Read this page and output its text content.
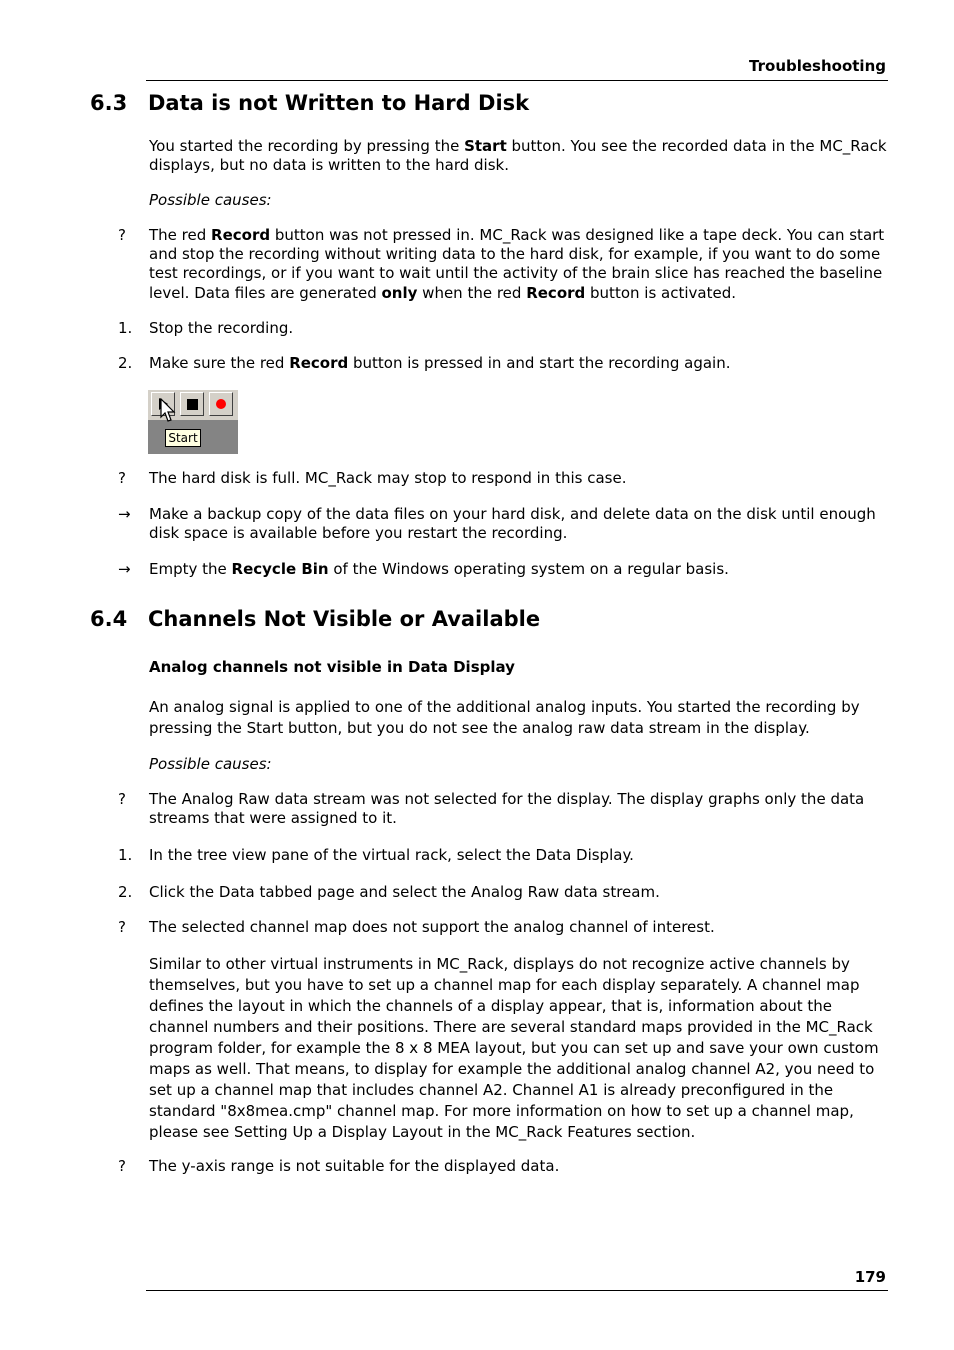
Troubleshooting
6.3 Data is not Written to Hard Disk
You started the recording by pressing the Start button. You see the recorded data in the MC_Rack displays, but no data is written to the hard disk.
Possible causes:
? The red Record button was not pressed in. MC_Rack was designed like a tape deck. You can start and stop the recording without writing data to the hard disk, for example, if you want to do some test recordings, or if you want to wait until the activity of the brain slice has reached the baseline level. Data files are generated only when the red Record button is activated.
1. Stop the recording.
2. Make sure the red Record button is pressed in and start the recording again.
Start
? The hard disk is full. MC_Rack may stop to respond in this case.
→ Make a backup copy of the data files on your hard disk, and delete data on the disk until enough disk space is available before you restart the recording.
→ Empty the Recycle Bin of the Windows operating system on a regular basis.
6.4 Channels Not Visible or Available
Analog channels not visible in Data Display
An analog signal is applied to one of the additional analog inputs. You started the recording by pressing the Start button, but you do not see the analog raw data stream in the display.
Possible causes:
? The Analog Raw data stream was not selected for the display. The display graphs only the data streams that were assigned to it.
1. In the tree view pane of the virtual rack, select the Data Display.
2. Click the Data tabbed page and select the Analog Raw data stream.
? The selected channel map does not support the analog channel of interest.
Similar to other virtual instruments in MC_Rack, displays do not recognize active channels by themselves, but you have to set up a channel map for each display separately. A channel map defines the layout in which the channels of a display appear, that is, information about the channel numbers and their positions. There are several standard maps provided in the MC_Rack program folder, for example the 8 x 8 MEA layout, but you can set up and save your own custom maps as well. That means, to display for example the additional analog channel A2, you need to set up a channel map that includes channel A2. Channel A1 is already preconfigured in the standard "8x8mea.cmp" channel map. For more information on how to set up a channel map, please see Setting Up a Display Layout in the MC_Rack Features section.
? The y-axis range is not suitable for the displayed data.
179
